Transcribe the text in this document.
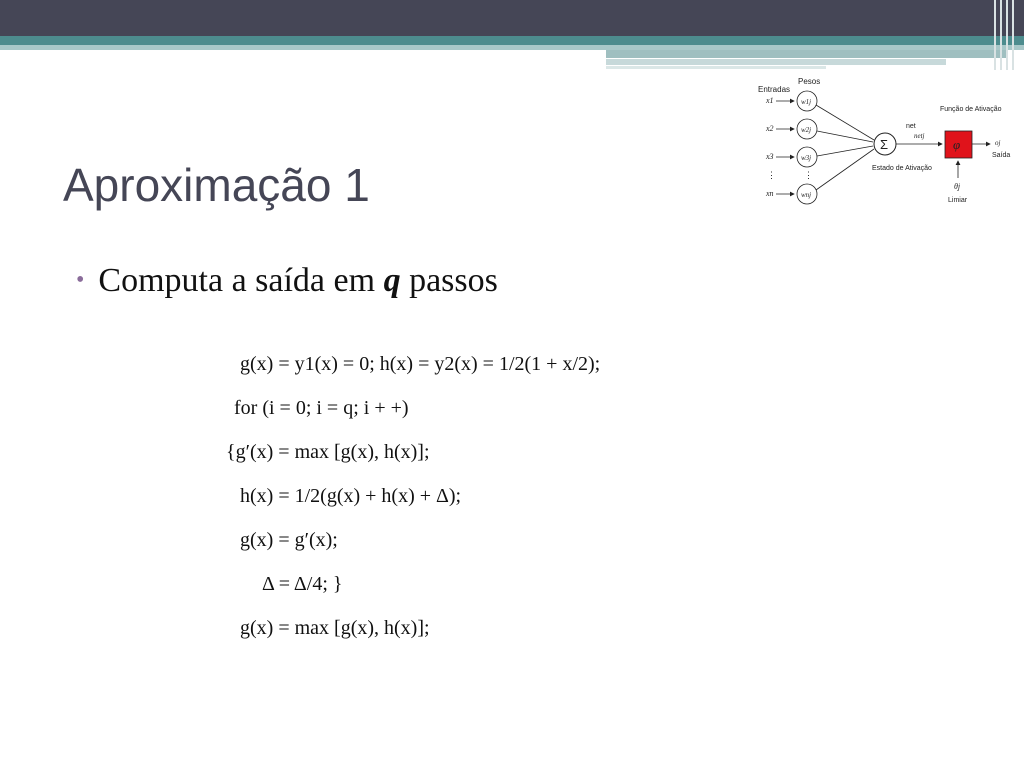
Aproximação 1
• Computa a saída em q passos
g(x) = y1(x) = 0; h(x) = y2(x) = 1/2(1 + x/2);
for (i = 0; i = q; i + +)
{g′(x) = max [g(x), h(x)];
h(x) = 1/2(g(x) + h(x) + Δ);
g(x) = g′(x);
Δ = Δ/4; }
g(x) = max [g(x), h(x)];
Entradas
Pesos
x1	w1j
x2	w2j
x3	w3j
⋮	⋮
xn	wnj
Σ
Estado de Ativação
net
netj
Função de Ativação
φ	oj
Saída
θj
Limiar
